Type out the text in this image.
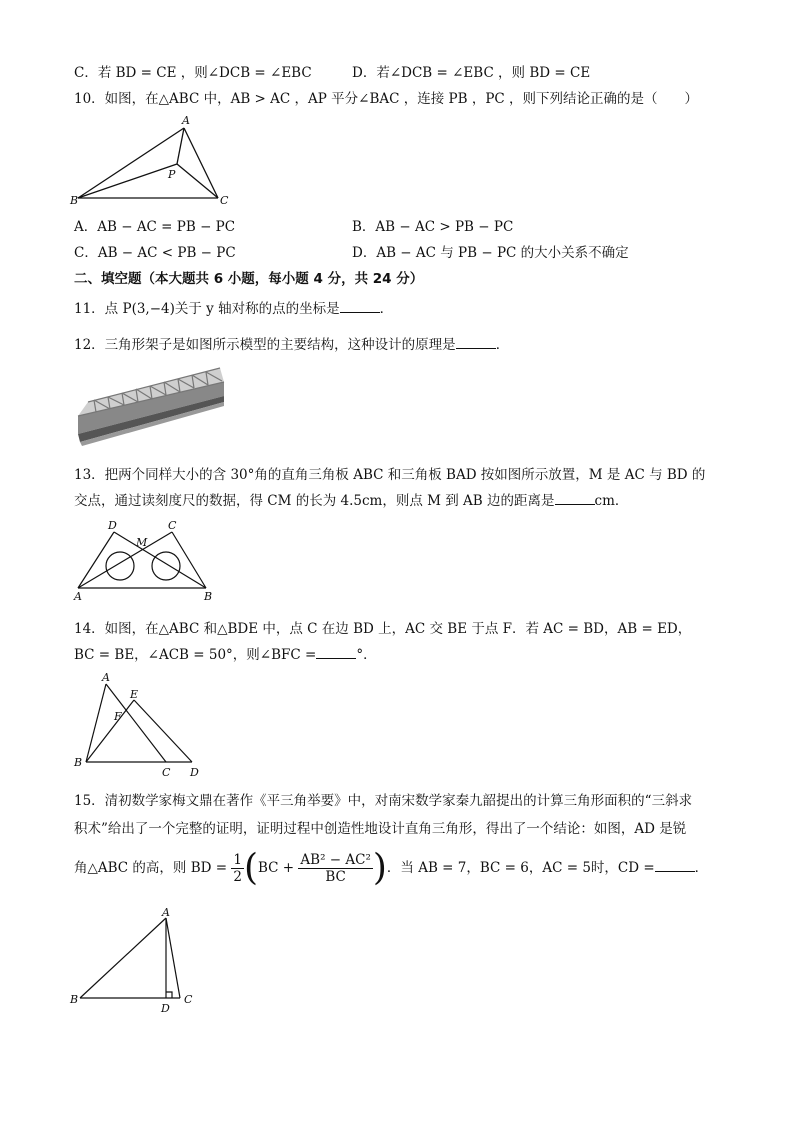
C．若 BD = CE ，则∠DCB = ∠EBC	D．若∠DCB = ∠EBC ，则 BD = CE
10．如图，在△ABC 中，AB > AC ，AP 平分∠BAC ，连接 PB ，PC ，则下列结论正确的是（　　）
A
B	C
P
A．AB − AC = PB − PC	B．AB − AC > PB − PC
C．AB − AC < PB − PC	D．AB − AC 与 PB − PC 的大小关系不确定
二、填空题（本大题共 6 小题，每小题 4 分，共 24 分）
11．点 P(3,−4)关于 y 轴对称的点的坐标是	．
12．三角形架子是如图所示模型的主要结构，这种设计的原理是	．
13．把两个同样大小的含 30°角的直角三角板 ABC 和三角板 BAD 按如图所示放置，M 是 AC 与 BD 的
交点，通过读刻度尺的数据，得 CM 的长为 4.5cm，则点 M 到 AB 边的距离是	cm．
A	B
C
D
M
14．如图，在△ABC 和△BDE 中，点 C 在边 BD 上，AC 交 BE 于点 F．若 AC = BD，AB = ED，
BC = BE，∠ACB = 50°，则∠BFC =	°．
A
B
C D
E
F
15．清初数学家梅文鼎在著作《平三角举要》中，对南宋数学家秦九韶提出的计算三角形面积的“三斜求
积术”给出了一个完整的证明，证明过程中创造性地设计直角三角形，得出了一个结论：如图，AD 是锐
角△ABC 的高，则 BD = $\frac{1}{2} (BC + \frac{\text{AB² − AC²}}{BC}$ )．当 AB = 7，BC = 6，AC = 5时，CD =	．
A
B	C
D
